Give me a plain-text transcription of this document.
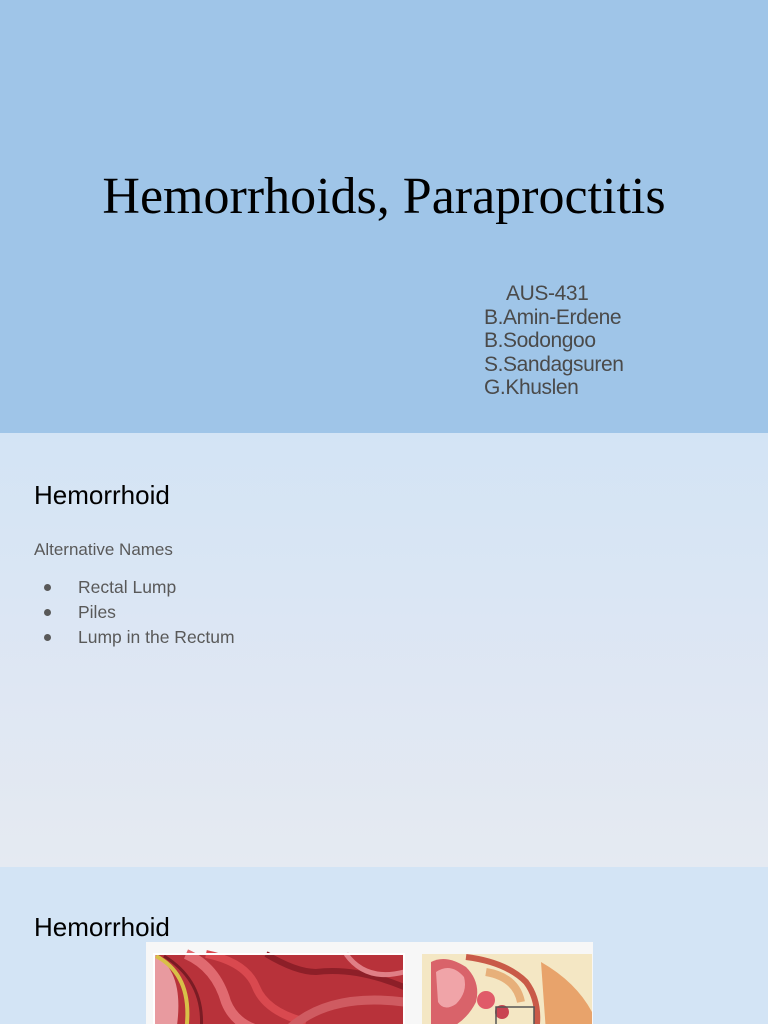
Hemorrhoids, Paraproctitis
AUS-431
B.Amin-Erdene
B.Sodongoo
S.Sandagsuren
G.Khuslen
Hemorrhoid
Alternative Names
Rectal Lump
Piles
Lump in the Rectum
Hemorrhoid
